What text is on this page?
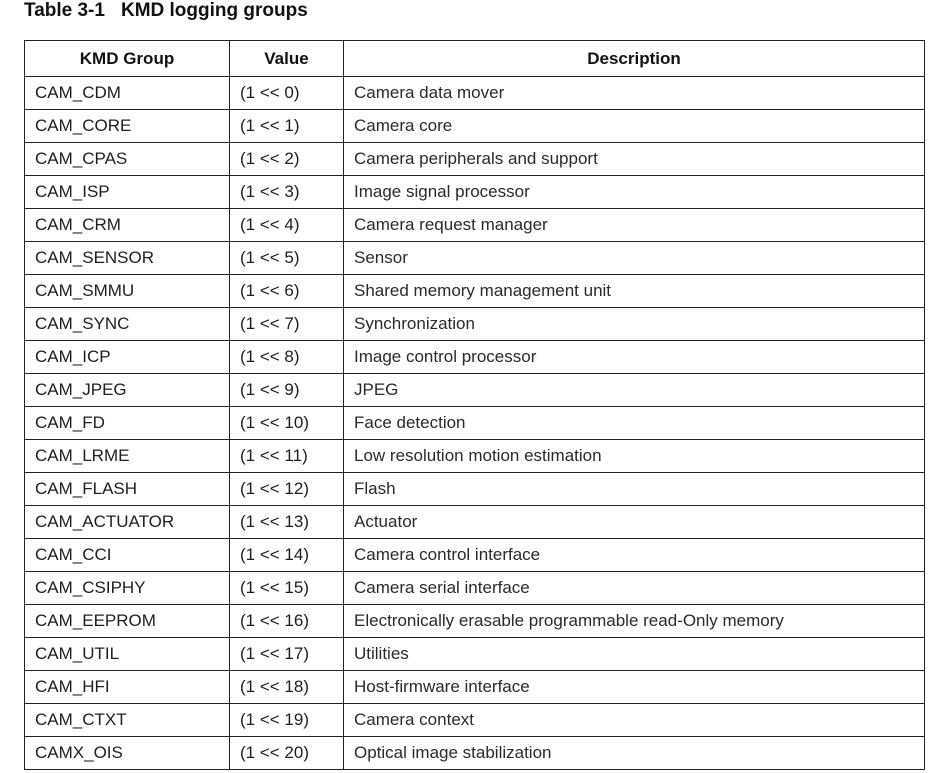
Table 3-1 KMD logging groups
KMD Group	Value	Description
CAM_CDM	(1 << 0)	Camera data mover
CAM_CORE	(1 << 1)	Camera core
CAM_CPAS	(1 << 2)	Camera peripherals and support
CAM_ISP	(1 << 3)	Image signal processor
CAM_CRM	(1 << 4)	Camera request manager
CAM_SENSOR	(1 << 5)	Sensor
CAM_SMMU	(1 << 6)	Shared memory management unit
CAM_SYNC	(1 << 7)	Synchronization
CAM_ICP	(1 << 8)	Image control processor
CAM_JPEG	(1 << 9)	JPEG
CAM_FD	(1 << 10)	Face detection
CAM_LRME	(1 << 11)	Low resolution motion estimation
CAM_FLASH	(1 << 12)	Flash
CAM_ACTUATOR	(1 << 13)	Actuator
CAM_CCI	(1 << 14)	Camera control interface
CAM_CSIPHY	(1 << 15)	Camera serial interface
CAM_EEPROM	(1 << 16)	Electronically erasable programmable read-Only memory
CAM_UTIL	(1 << 17)	Utilities
CAM_HFI	(1 << 18)	Host-firmware interface
CAM_CTXT	(1 << 19)	Camera context
CAMX_OIS	(1 << 20)	Optical image stabilization
